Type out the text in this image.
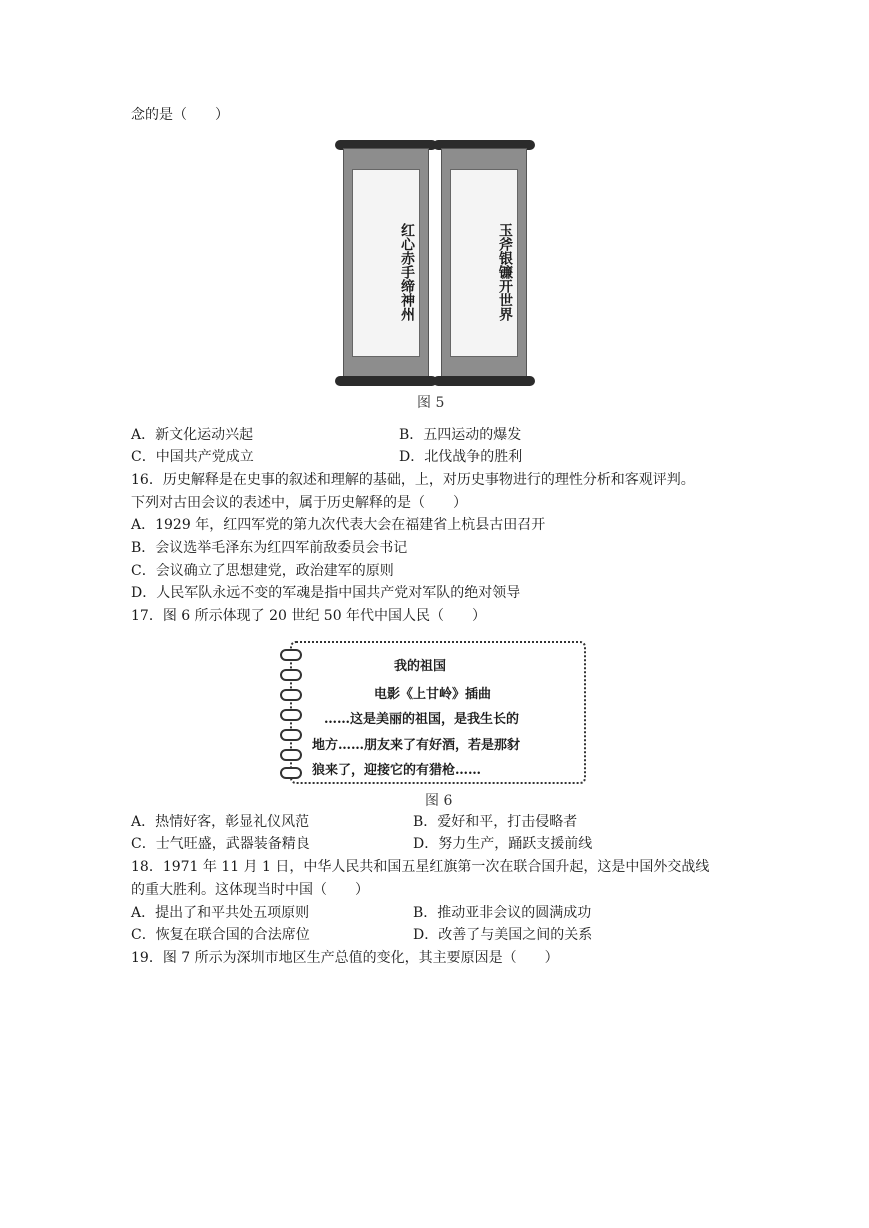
念的是（　　）
红心赤手缔神州	玉斧银镰开世界
图 5
A．新文化运动兴起	B．五四运动的爆发
C．中国共产党成立	D．北伐战争的胜利
16．历史解释是在史事的叙述和理解的基础，上，对历史事物进行的理性分析和客观评判。
下列对古田会议的表述中，属于历史解释的是（　　）
A．1929 年，红四军党的第九次代表大会在福建省上杭县古田召开
B．会议选举毛泽东为红四军前敌委员会书记
C．会议确立了思想建党，政治建军的原则
D．人民军队永远不变的军魂是指中国共产党对军队的绝对领导
17．图 6 所示体现了 20 世纪 50 年代中国人民（　　）
我的祖国
电影《上甘岭》插曲
……这是美丽的祖国，是我生长的
地方……朋友来了有好酒，若是那豺
狼来了，迎接它的有猎枪……
图 6
A．热情好客，彰显礼仪风范	B．爱好和平，打击侵略者
C．士气旺盛，武器装备精良	D．努力生产，踊跃支援前线
18．1971 年 11 月 1 日，中华人民共和国五星红旗第一次在联合国升起，这是中国外交战线
的重大胜利。这体现当时中国（　　）
A．提出了和平共处五项原则	B．推动亚非会议的圆满成功
C．恢复在联合国的合法席位	D．改善了与美国之间的关系
19．图 7 所示为深圳市地区生产总值的变化，其主要原因是（　　）
